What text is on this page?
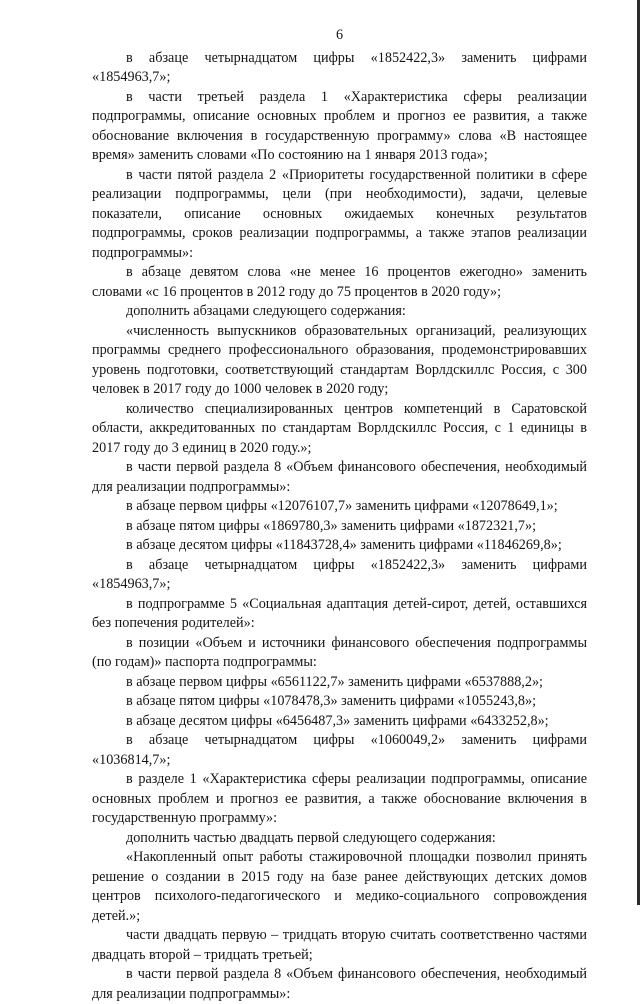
6

в абзаце четырнадцатом цифры «1852422,3» заменить цифрами «1854963,7»;

в части третьей раздела 1 «Характеристика сферы реализации подпрограммы, описание основных проблем и прогноз ее развития, а также обоснование включения в государственную программу» слова «В настоящее время» заменить словами «По состоянию на 1 января 2013 года»;

в части пятой раздела 2 «Приоритеты государственной политики в сфере реализации подпрограммы, цели (при необходимости), задачи, целевые показатели, описание основных ожидаемых конечных результатов подпрограммы, сроков реализации подпрограммы, а также этапов реализации подпрограммы»:

в абзаце девятом слова «не менее 16 процентов ежегодно» заменить словами «с 16 процентов в 2012 году до 75 процентов в 2020 году»;

дополнить абзацами следующего содержания:

«численность выпускников образовательных организаций, реализующих программы среднего профессионального образования, продемонстрировавших уровень подготовки, соответствующий стандартам Ворлдскиллс Россия, с 300 человек в 2017 году до 1000 человек в 2020 году;

количество специализированных центров компетенций в Саратовской области, аккредитованных по стандартам Ворлдскиллс Россия, с 1 единицы в 2017 году до 3 единиц в 2020 году.»;

в части первой раздела 8 «Объем финансового обеспечения, необходимый для реализации подпрограммы»:

в абзаце первом цифры «12076107,7» заменить цифрами «12078649,1»;

в абзаце пятом цифры «1869780,3» заменить цифрами «1872321,7»;

в абзаце десятом цифры «11843728,4» заменить цифрами «11846269,8»;

в абзаце четырнадцатом цифры «1852422,3» заменить цифрами «1854963,7»;

в подпрограмме 5 «Социальная адаптация детей-сирот, детей, оставшихся без попечения родителей»:

в позиции «Объем и источники финансового обеспечения подпрограммы (по годам)» паспорта подпрограммы:

в абзаце первом цифры «6561122,7» заменить цифрами «6537888,2»;

в абзаце пятом цифры «1078478,3» заменить цифрами «1055243,8»;

в абзаце десятом цифры «6456487,3» заменить цифрами «6433252,8»;

в абзаце четырнадцатом цифры «1060049,2» заменить цифрами «1036814,7»;

в разделе 1 «Характеристика сферы реализации подпрограммы, описание основных проблем и прогноз ее развития, а также обоснование включения в государственную программу»:

дополнить частью двадцать первой следующего содержания:

«Накопленный опыт работы стажировочной площадки позволил принять решение о создании в 2015 году на базе ранее действующих детских домов центров психолого-педагогического и медико-социального сопровождения детей.»;

части двадцать первую – тридцать вторую считать соответственно частями двадцать второй – тридцать третьей;

в части первой раздела 8 «Объем финансового обеспечения, необходимый для реализации подпрограммы»:
